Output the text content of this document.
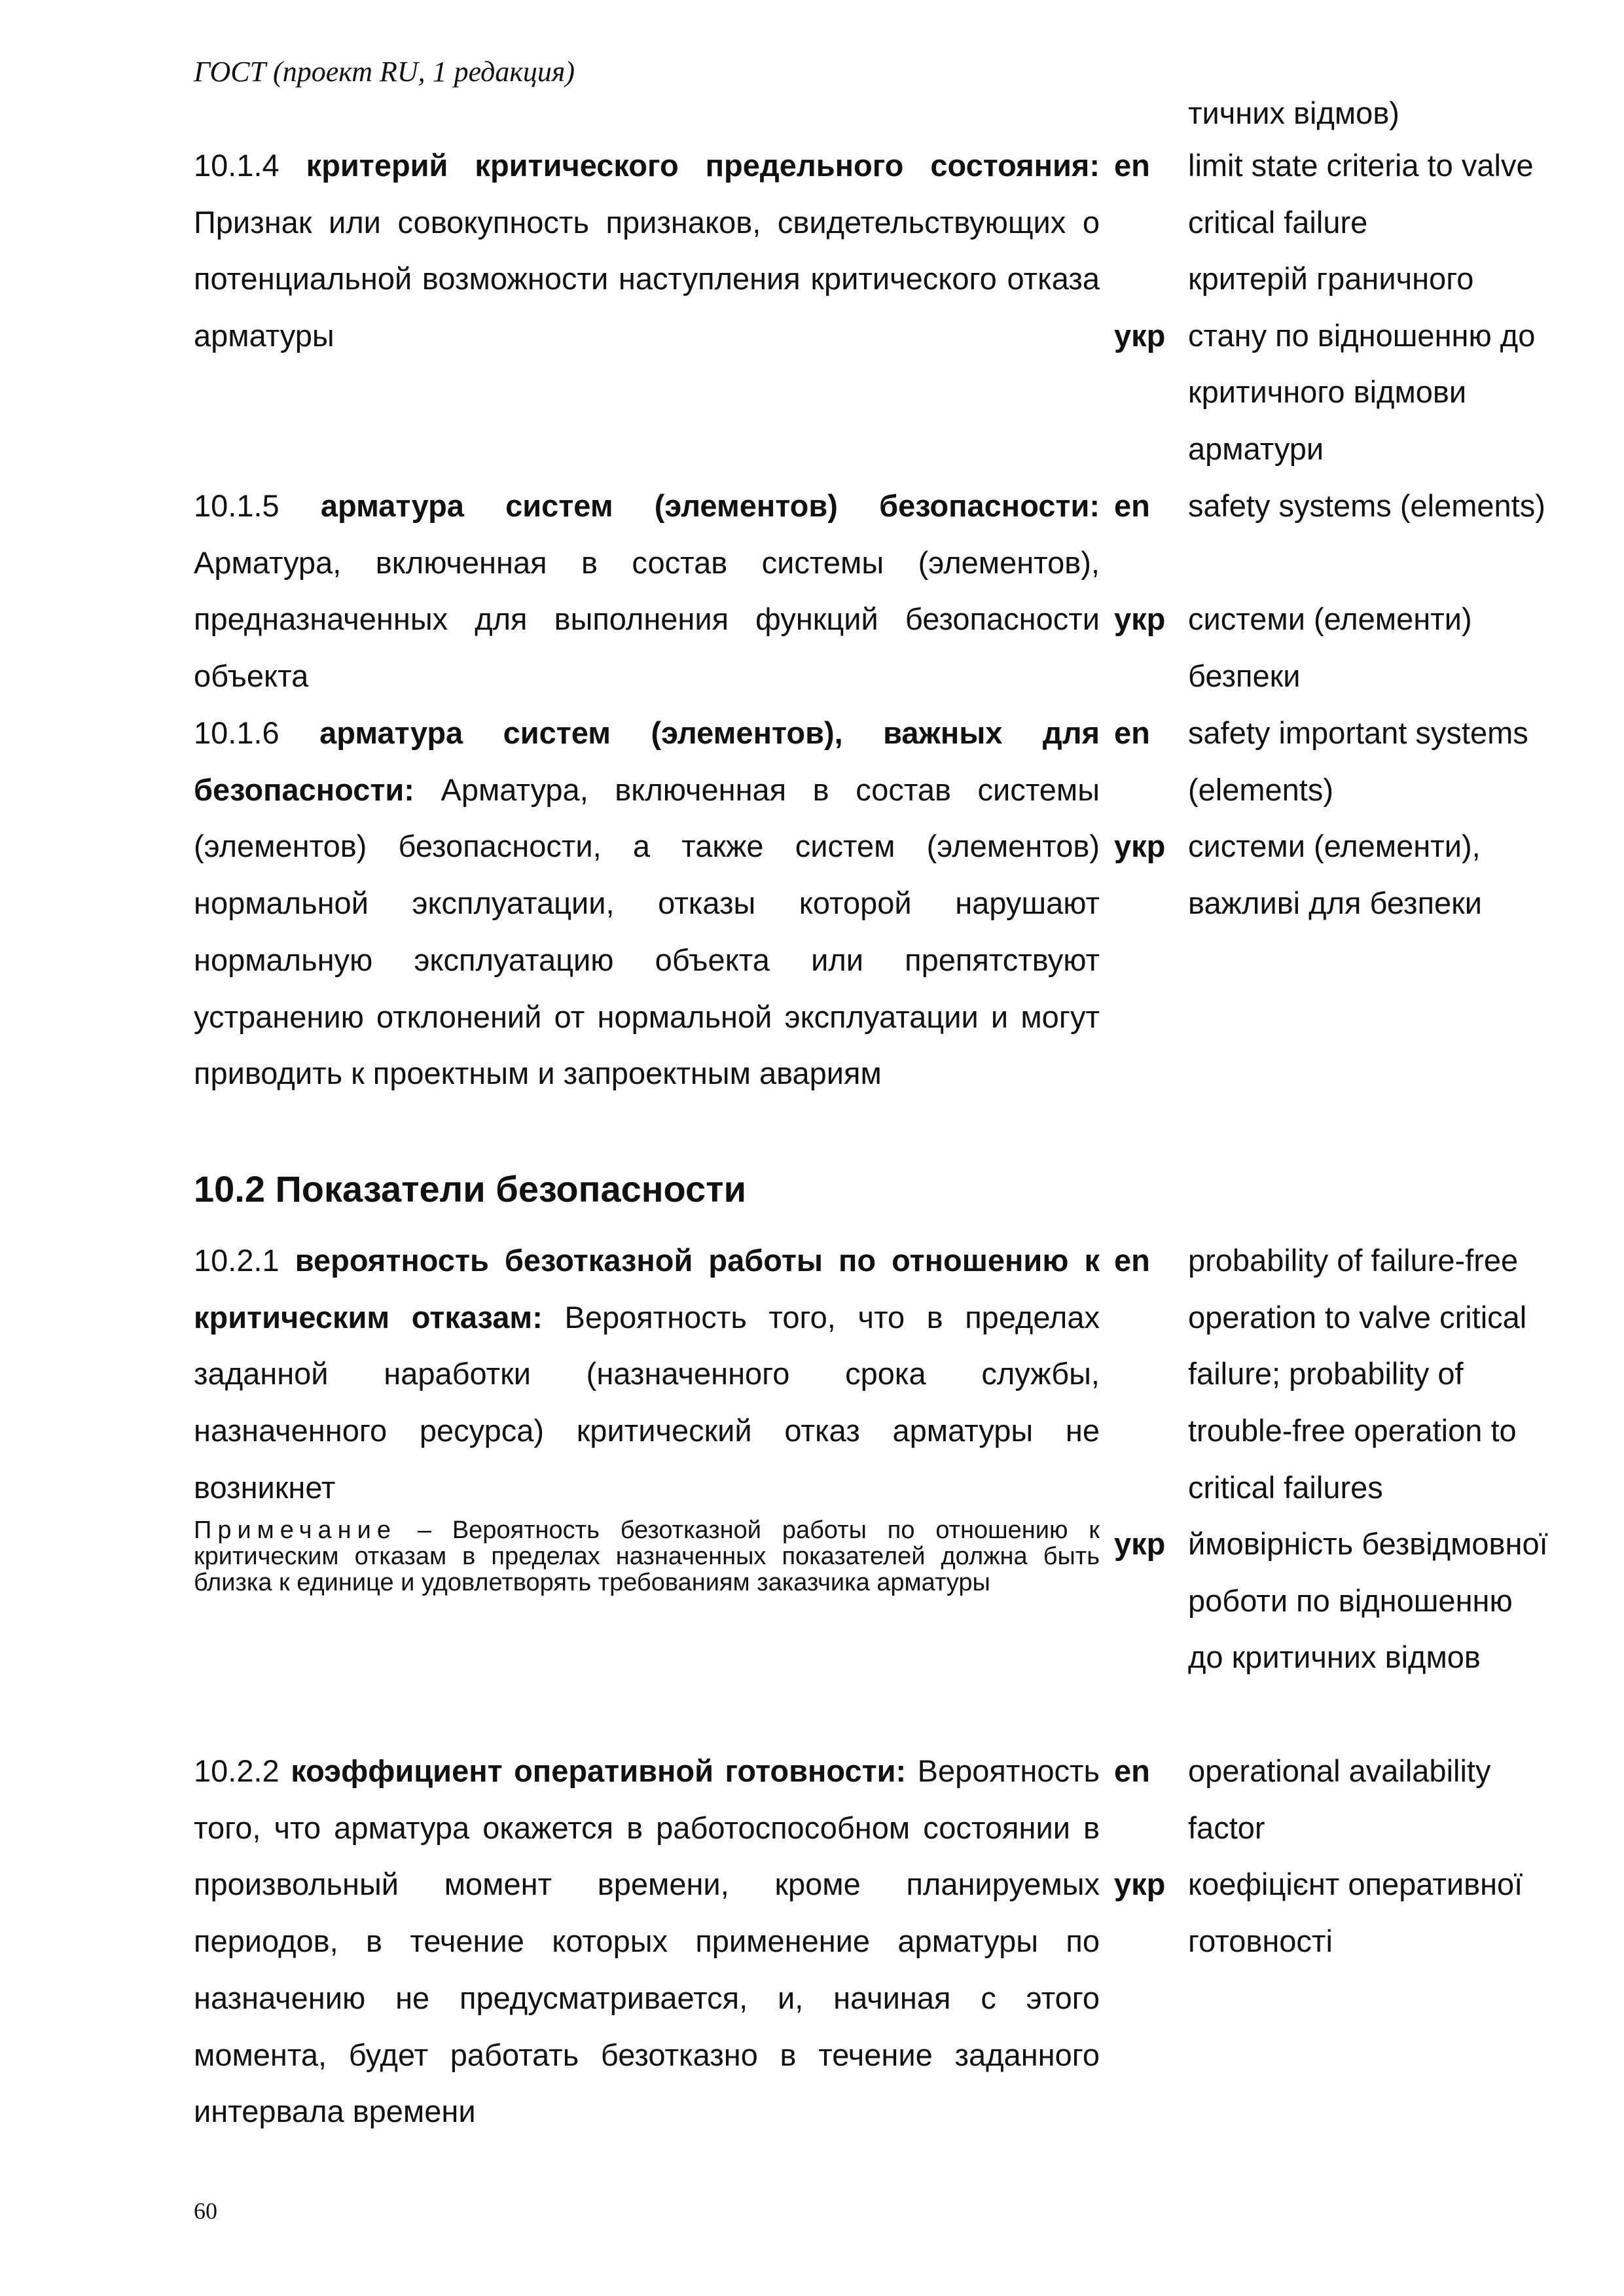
ГОСТ (проект RU, 1 редакция)
тичних відмов)
10.1.4 критерий критического предельного состояния: Признак или совокупность признаков, свидетельствующих о потенциальной возможности наступления критического отказа арматуры
en limit state criteria to valve critical failure
укр
критерій граничного стану по відношенню до критичного відмови арматури
10.1.5 арматура систем (элементов) безопасности: Арматура, включенная в состав системы (элементов), предназначенных для выполнения функций безопасности объекта
en safety systems (elements)
укр системи (елементи) безпеки
10.1.6 арматура систем (элементов), важных для безопасности: Арматура, включенная в состав системы (элементов) безопасности, а также систем (элементов) нормальной эксплуатации, отказы которой нарушают нормальную эксплуатацию объекта или препятствуют устранению отклонений от нормальной эксплуатации и могут приводить к проектным и запроектным авариям
en safety important systems (elements)
укр системи (елементи), важливі для безпеки
10.2 Показатели безопасности
10.2.1 вероятность безотказной работы по отношению к критическим отказам: Вероятность того, что в пределах заданной наработки (назначенного срока службы, назначенного ресурса) критический отказ арматуры не возникнет
Примечание – Вероятность безотказной работы по отношению к критическим отказам в пределах назначенных показателей должна быть близка к единице и удовлетворять требованиям заказчика арматуры
en probability of failure-free operation to valve critical failure; probability of trouble-free operation to critical failures
укр ймовірність безвідмовної роботи по відношенню до критичних відмов
10.2.2 коэффициент оперативной готовности: Вероятность того, что арматура окажется в работоспособном состоянии в произвольный момент времени, кроме планируемых периодов, в течение которых применение арматуры по назначению не предусматривается, и, начиная с этого момента, будет работать безотказно в течение заданного интервала времени
en operational availability factor
укр коефіцієнт оперативної готовності
60
